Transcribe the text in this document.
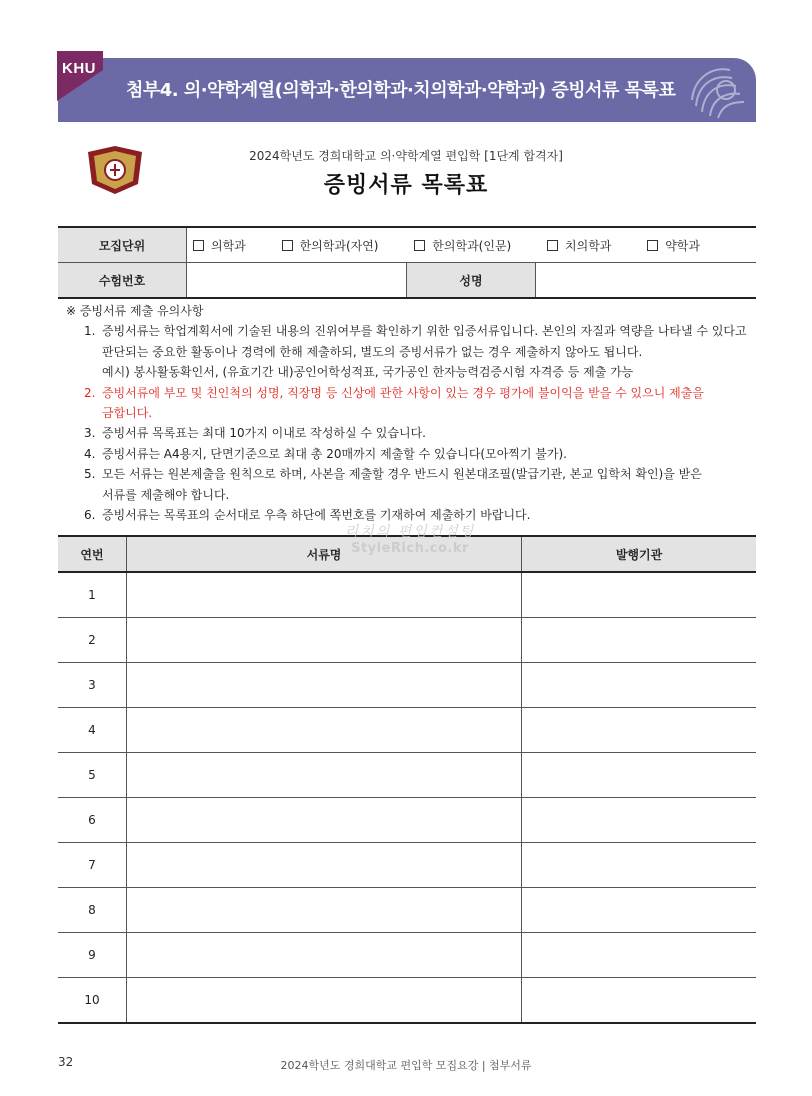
첨부4. 의·약학계열(의학과·한의학과·치의학과·약학과) 증빙서류 목록표
KHU
2024학년도 경희대학교 의·약학계열 편입학 [1단계 합격자]
증빙서류 목록표
모집단위	의학과 한의학과(자연) 한의학과(인문) 치의학과 약학과		

수험번호		성명	
※ 증빙서류 제출 유의사항
1. 증빙서류는 학업계획서에 기술된 내용의 진위여부를 확인하기 위한 입증서류입니다. 본인의 자질과 역량을 나타낼 수 있다고
판단되는 중요한 활동이나 경력에 한해 제출하되, 별도의 증빙서류가 없는 경우 제출하지 않아도 됩니다.
예시) 봉사활동확인서, (유효기간 내)공인어학성적표, 국가공인 한자능력검증시험 자격증 등 제출 가능
2. 증빙서류에 부모 및 친인척의 성명, 직장명 등 신상에 관한 사항이 있는 경우 평가에 불이익을 받을 수 있으니 제출을
금합니다.
3. 증빙서류 목록표는 최대 10가지 이내로 작성하실 수 있습니다.
4. 증빙서류는 A4용지, 단면기준으로 최대 총 20매까지 제출할 수 있습니다(모아찍기 불가).
5. 모든 서류는 원본제출을 원칙으로 하며, 사본을 제출할 경우 반드시 원본대조필(발급기관, 본교 입학처 확인)을 받은
서류를 제출해야 합니다.
6. 증빙서류는 목록표의 순서대로 우측 하단에 쪽번호를 기재하여 제출하기 바랍니다.
연번	서류명	발행기관
1		
2		
3		
4		
5		
6		
7		
8		
9		
10		
리치의 편입컨설팅
StyleRich.co.kr
32	2024학년도 경희대학교 편입학 모집요강 | 첨부서류
